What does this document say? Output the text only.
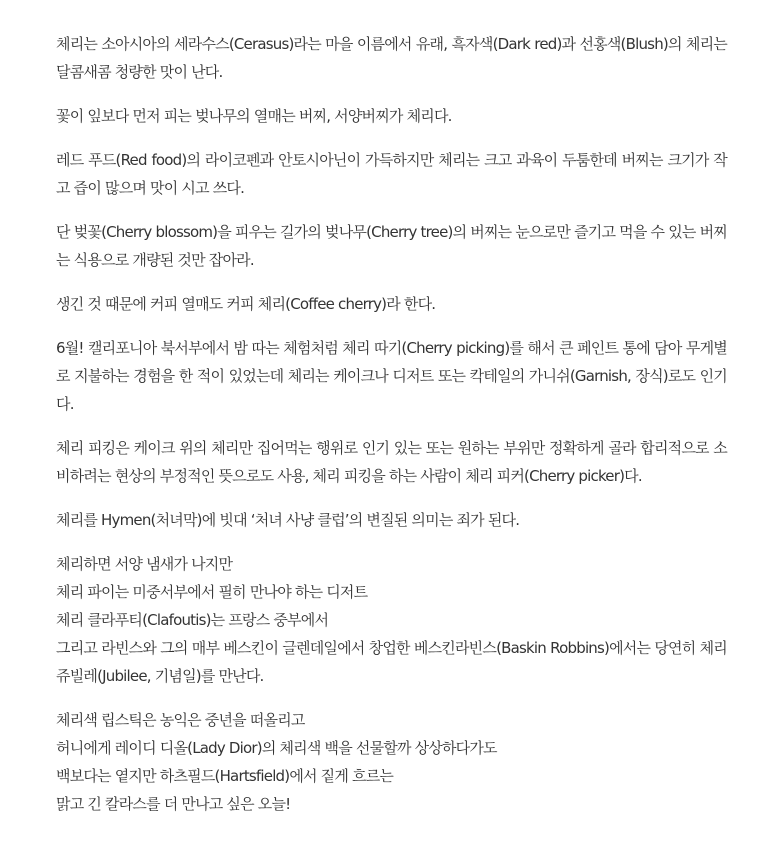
체리는 소아시아의 세라수스(Cerasus)라는 마을 이름에서 유래, 흑자색(Dark red)과 선홍색(Blush)의 체리는 달콤새콤 청량한 맛이 난다.

꽃이 잎보다 먼저 피는 벚나무의 열매는 버찌, 서양버찌가 체리다.

레드 푸드(Red food)의 라이코펜과 안토시아닌이 가득하지만 체리는 크고 과육이 두툼한데 버찌는 크기가 작고 즙이 많으며 맛이 시고 쓰다.

단 벚꽃(Cherry blossom)을 피우는 길가의 벚나무(Cherry tree)의 버찌는 눈으로만 즐기고 먹을 수 있는 버찌는 식용으로 개량된 것만 잡아라.

생긴 것 때문에 커피 열매도 커피 체리(Coffee cherry)라 한다.

6월! 캘리포니아 북서부에서 밤 따는 체험처럼 체리 따기(Cherry picking)를 해서 큰 페인트 통에 담아 무게별로 지불하는 경험을 한 적이 있었는데 체리는 케이크나 디저트 또는 칵테일의 가니쉬(Garnish, 장식)로도 인기다.

체리 피킹은 케이크 위의 체리만 집어먹는 행위로 인기 있는 또는 원하는 부위만 정확하게 골라 합리적으로 소비하려는 현상의 부정적인 뜻으로도 사용, 체리 피킹을 하는 사람이 체리 피커(Cherry picker)다.

체리를 Hymen(처녀막)에 빗대 ‘처녀 사냥 클럽’의 변질된 의미는 죄가 된다.

체리하면 서양 냄새가 나지만
체리 파이는 미중서부에서 필히 만나야 하는 디저트
체리 클라푸티(Clafoutis)는 프랑스 중부에서
그리고 라빈스와 그의 매부 베스킨이 글렌데일에서 창업한 베스킨라빈스(Baskin Robbins)에서는 당연히 체리 쥬빌레(Jubilee, 기념일)를 만난다.
체리색 립스틱은 농익은 중년을 떠올리고
허니에게 레이디 디올(Lady Dior)의 체리색 백을 선물할까 상상하다가도
백보다는 옅지만 하츠필드(Hartsfield)에서 짙게 흐르는
맑고 긴 칼라스를 더 만나고 싶은 오늘!
